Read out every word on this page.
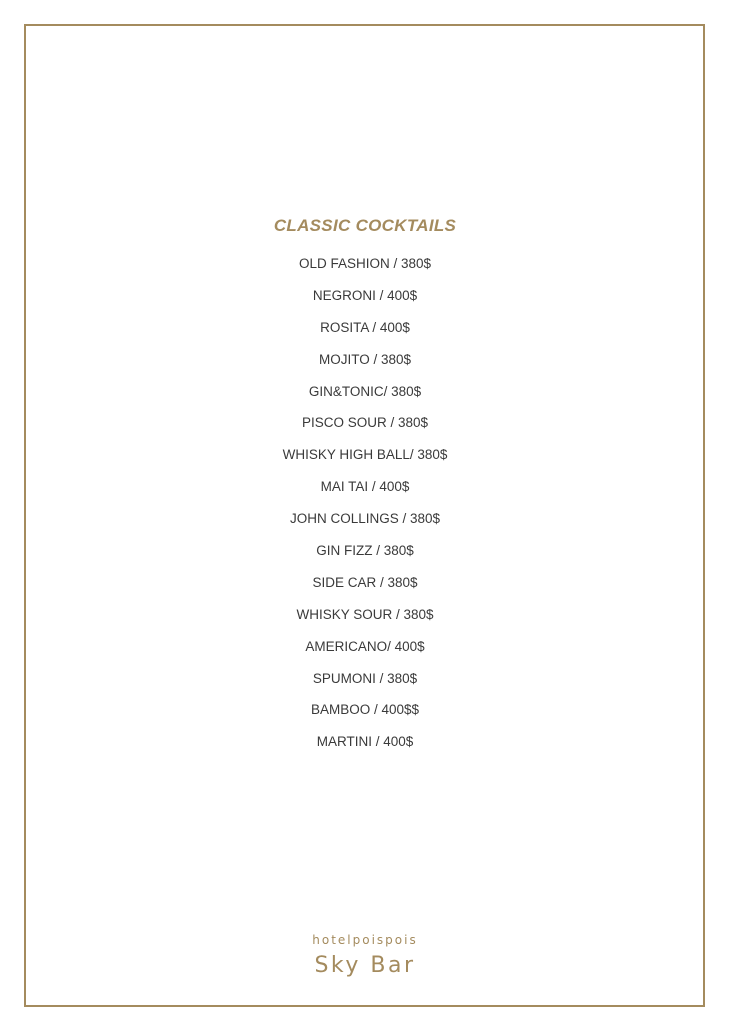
CLASSIC COCKTAILS
OLD FASHION / 380$
NEGRONI / 400$
ROSITA / 400$
MOJITO / 380$
GIN&TONIC/ 380$
PISCO SOUR / 380$
WHISKY HIGH BALL/ 380$
MAI TAI / 400$
JOHN COLLINGS / 380$
GIN FIZZ / 380$
SIDE CAR / 380$
WHISKY SOUR / 380$
AMERICANO/ 400$
SPUMONI / 380$
BAMBOO / 400$$
MARTINI / 400$
hotelpoispois
Sky Bar
